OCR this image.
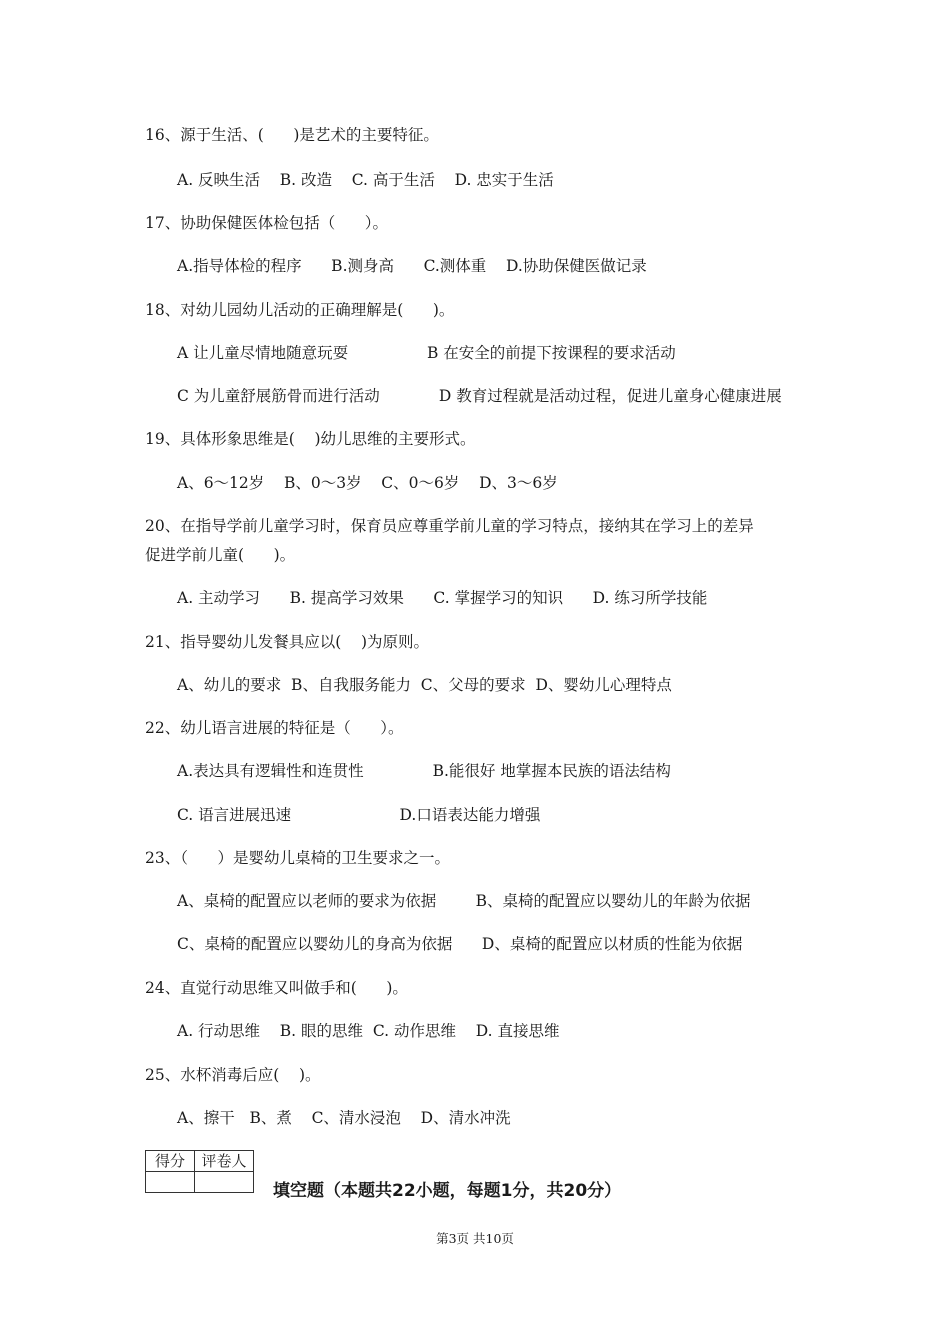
16、源于生活、(      )是艺术的主要特征。
A. 反映生活    B. 改造    C. 高于生活    D. 忠实于生活
17、协助保健医体检包括（      ）。
A.指导体检的程序      B.测身高      C.测体重    D.协助保健医做记录
18、对幼儿园幼儿活动的正确理解是(      )。
A 让儿童尽情地随意玩耍                B 在安全的前提下按课程的要求活动
C 为儿童舒展筋骨而进行活动            D 教育过程就是活动过程，促进儿童身心健康进展
19、具体形象思维是(    )幼儿思维的主要形式。
A、6～12岁    B、0～3岁    C、0～6岁    D、3～6岁
20、在指导学前儿童学习时，保育员应尊重学前儿童的学习特点，接纳其在学习上的差异
促进学前儿童(      )。
A. 主动学习      B. 提高学习效果      C. 掌握学习的知识      D. 练习所学技能
21、指导婴幼儿发餐具应以(    )为原则。
A、幼儿的要求  B、自我服务能力  C、父母的要求  D、婴幼儿心理特点
22、幼儿语言进展的特征是（      ）。
A.表达具有逻辑性和连贯性              B.能很好 地掌握本民族的语法结构
C. 语言进展迅速                      D.口语表达能力增强
23、（      ）是婴幼儿桌椅的卫生要求之一。
A、桌椅的配置应以老师的要求为依据        B、桌椅的配置应以婴幼儿的年龄为依据
C、桌椅的配置应以婴幼儿的身高为依据      D、桌椅的配置应以材质的性能为依据
24、直觉行动思维又叫做手和(      )。
A. 行动思维    B. 眼的思维  C. 动作思维    D. 直接思维
25、水杯消毒后应(    )。
A、擦干   B、煮    C、清水浸泡    D、清水冲洗
得分	评卷人

填空题（本题共22小题，每题1分，共20分）
第3页 共10页
